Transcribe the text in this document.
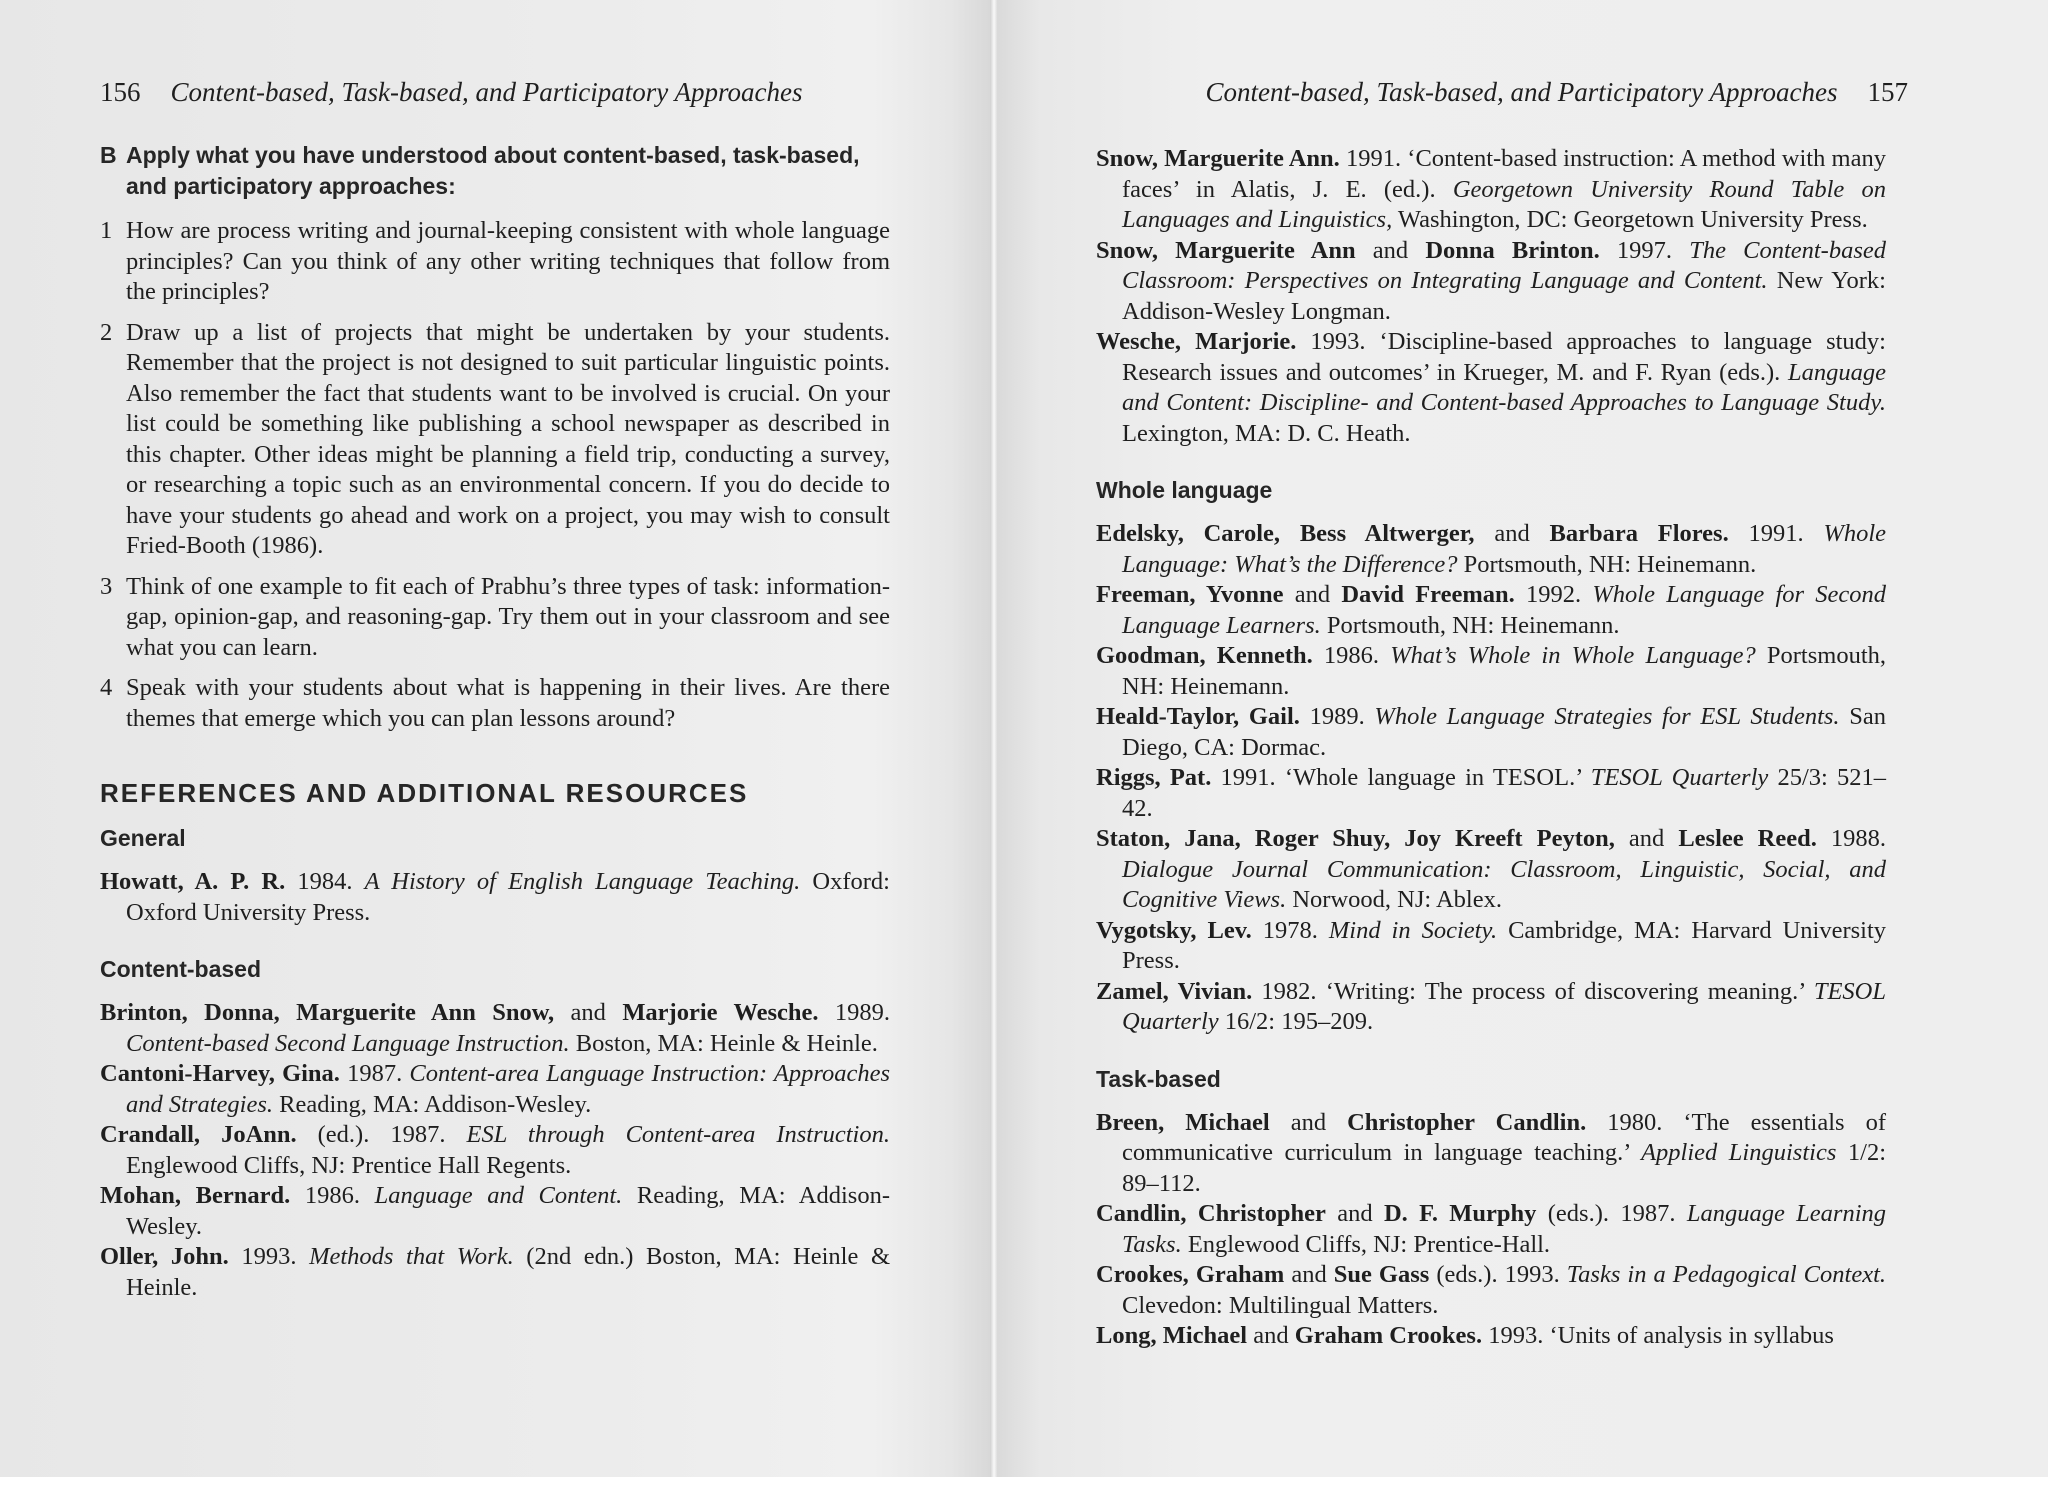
156 Content-based, Task-based, and Participatory Approaches
B Apply what you have understood about content-based, task-based, and participatory approaches:
1 How are process writing and journal-keeping consistent with whole language principles? Can you think of any other writing techniques that follow from the principles?
2 Draw up a list of projects that might be undertaken by your students. Remember that the project is not designed to suit particular linguistic points. Also remember the fact that students want to be involved is crucial. On your list could be something like publishing a school newspaper as described in this chapter. Other ideas might be planning a field trip, conducting a survey, or researching a topic such as an environmental concern. If you do decide to have your students go ahead and work on a project, you may wish to consult Fried-Booth (1986).
3 Think of one example to fit each of Prabhu’s three types of task: information-gap, opinion-gap, and reasoning-gap. Try them out in your classroom and see what you can learn.
4 Speak with your students about what is happening in their lives. Are there themes that emerge which you can plan lessons around?
REFERENCES AND ADDITIONAL RESOURCES
General

Howatt, A. P. R. 1984. A History of English Language Teaching. Oxford: Oxford University Press.

Content-based

Brinton, Donna, Marguerite Ann Snow, and Marjorie Wesche. 1989. Content-based Second Language Instruction. Boston, MA: Heinle & Heinle.

Cantoni-Harvey, Gina. 1987. Content-area Language Instruction: Approaches and Strategies. Reading, MA: Addison-Wesley.

Crandall, JoAnn. (ed.). 1987. ESL through Content-area Instruction. Englewood Cliffs, NJ: Prentice Hall Regents.

Mohan, Bernard. 1986. Language and Content. Reading, MA: Addison-Wesley.

Oller, John. 1993. Methods that Work. (2nd edn.) Boston, MA: Heinle & Heinle.

Content-based, Task-based, and Participatory Approaches 157

Snow, Marguerite Ann. 1991. ‘Content-based instruction: A method with many faces’ in Alatis, J. E. (ed.). Georgetown University Round Table on Languages and Linguistics, Washington, DC: Georgetown University Press.

Snow, Marguerite Ann and Donna Brinton. 1997. The Content-based Classroom: Perspectives on Integrating Language and Content. New York: Addison-Wesley Longman.

Wesche, Marjorie. 1993. ‘Discipline-based approaches to language study: Research issues and outcomes’ in Krueger, M. and F. Ryan (eds.). Language and Content: Discipline- and Content-based Approaches to Language Study. Lexington, MA: D. C. Heath.

Whole language

Edelsky, Carole, Bess Altwerger, and Barbara Flores. 1991. Whole Language: What’s the Difference? Portsmouth, NH: Heinemann.

Freeman, Yvonne and David Freeman. 1992. Whole Language for Second Language Learners. Portsmouth, NH: Heinemann.

Goodman, Kenneth. 1986. What’s Whole in Whole Language? Portsmouth, NH: Heinemann.

Heald-Taylor, Gail. 1989. Whole Language Strategies for ESL Students. San Diego, CA: Dormac.

Riggs, Pat. 1991. ‘Whole language in TESOL.’ TESOL Quarterly 25/3: 521–42.

Staton, Jana, Roger Shuy, Joy Kreeft Peyton, and Leslee Reed. 1988. Dialogue Journal Communication: Classroom, Linguistic, Social, and Cognitive Views. Norwood, NJ: Ablex.

Vygotsky, Lev. 1978. Mind in Society. Cambridge, MA: Harvard University Press.

Zamel, Vivian. 1982. ‘Writing: The process of discovering meaning.’ TESOL Quarterly 16/2: 195–209.

Task-based

Breen, Michael and Christopher Candlin. 1980. ‘The essentials of communicative curriculum in language teaching.’ Applied Linguistics 1/2: 89–112.

Candlin, Christopher and D. F. Murphy (eds.). 1987. Language Learning Tasks. Englewood Cliffs, NJ: Prentice-Hall.

Crookes, Graham and Sue Gass (eds.). 1993. Tasks in a Pedagogical Context. Clevedon: Multilingual Matters.

Long, Michael and Graham Crookes. 1993. ‘Units of analysis in syllabus
